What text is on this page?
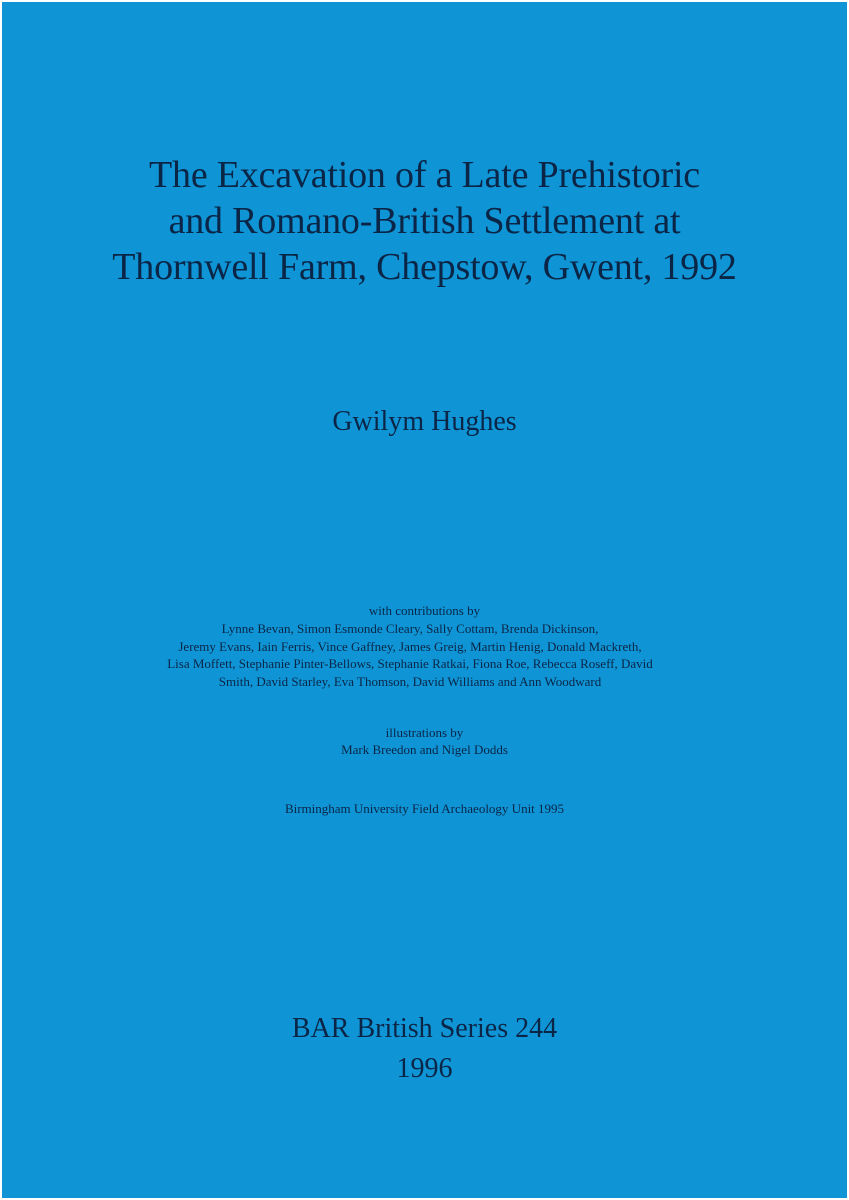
The Excavation of a Late Prehistoric
and Romano-British Settlement at
Thornwell Farm, Chepstow, Gwent, 1992
Gwilym Hughes
with contributions by
Lynne Bevan, Simon Esmonde Cleary, Sally Cottam, Brenda Dickinson,
Jeremy Evans, Iain Ferris, Vince Gaffney, James Greig, Martin Henig, Donald Mackreth,
Lisa Moffett, Stephanie Pinter-Bellows, Stephanie Ratkai, Fiona Roe, Rebecca Roseff, David
Smith, David Starley, Eva Thomson, David Williams and Ann Woodward
illustrations by
Mark Breedon and Nigel Dodds
Birmingham University Field Archaeology Unit 1995
BAR British Series 244
1996
